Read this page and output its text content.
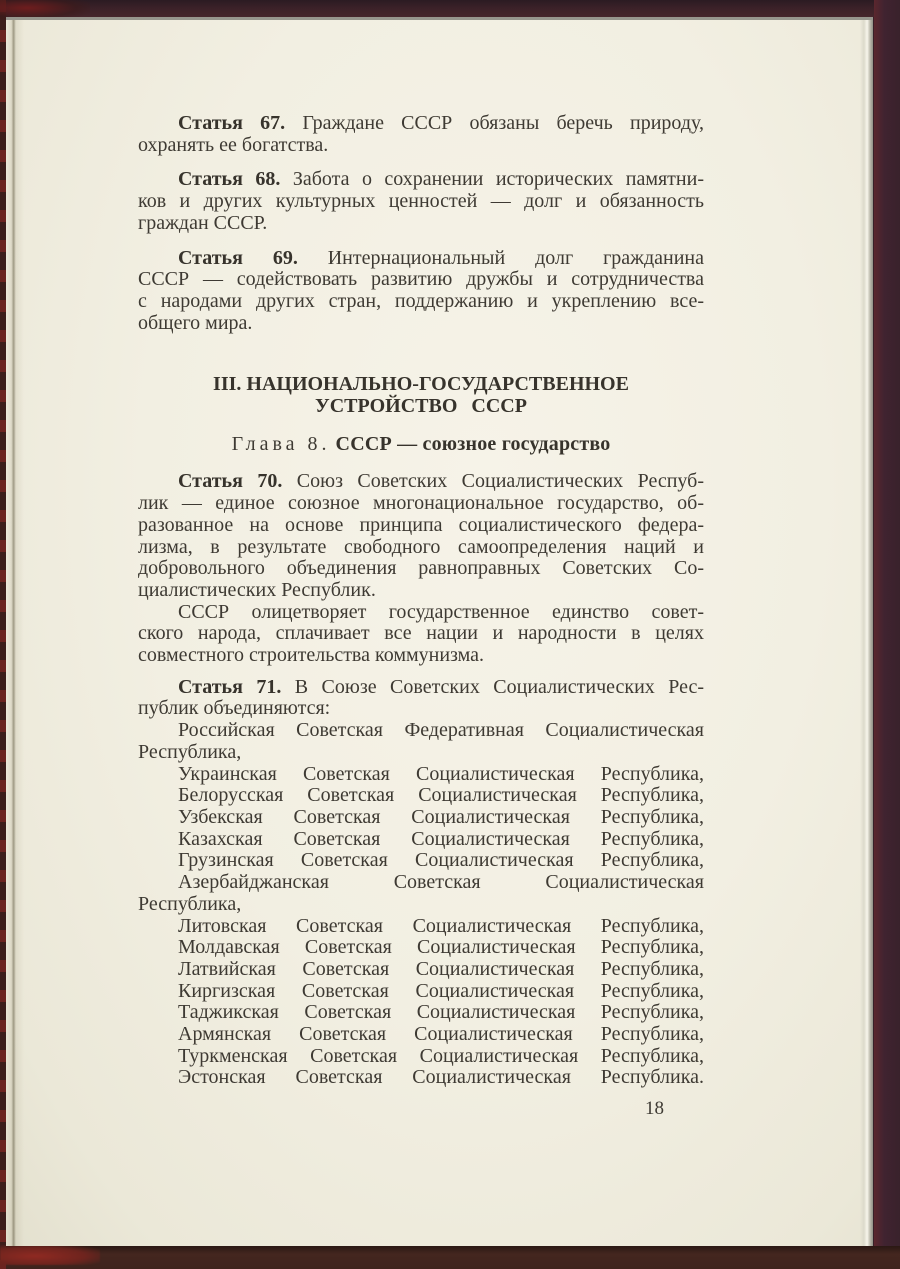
Статья 67. Граждане СССР обязаны беречь природу,
охранять ее богатства.
Статья 68. Забота о сохранении исторических памятни-
ков и других культурных ценностей — долг и обязанность
граждан СССР.
Статья 69. Интернациональный долг гражданина
СССР — содействовать развитию дружбы и сотрудничества
с народами других стран, поддержанию и укреплению все-
общего мира.
III. НАЦИОНАЛЬНО-ГОСУДАРСТВЕННОЕ
УСТРОЙСТВО СССР
Глава 8. СССР — союзное государство
Статья 70. Союз Советских Социалистических Респуб-
лик — единое союзное многонациональное государство, об-
разованное на основе принципа социалистического федера-
лизма, в результате свободного самоопределения наций и
добровольного объединения равноправных Советских Со-
циалистических Республик.
СССР олицетворяет государственное единство совет-
ского народа, сплачивает все нации и народности в целях
совместного строительства коммунизма.
Статья 71. В Союзе Советских Социалистических Рес-
публик объединяются:
Российская Советская Федеративная Социалистическая
Республика,
Украинская Советская Социалистическая Республика,
Белорусская Советская Социалистическая Республика,
Узбекская Советская Социалистическая Республика,
Казахская Советская Социалистическая Республика,
Грузинская Советская Социалистическая Республика,
Азербайджанская Советская Социалистическая
Республика,
Литовская Советская Социалистическая Республика,
Молдавская Советская Социалистическая Республика,
Латвийская Советская Социалистическая Республика,
Киргизская Советская Социалистическая Республика,
Таджикская Советская Социалистическая Республика,
Армянская Советская Социалистическая Республика,
Туркменская Советская Социалистическая Республика,
Эстонская Советская Социалистическая Республика.
18
